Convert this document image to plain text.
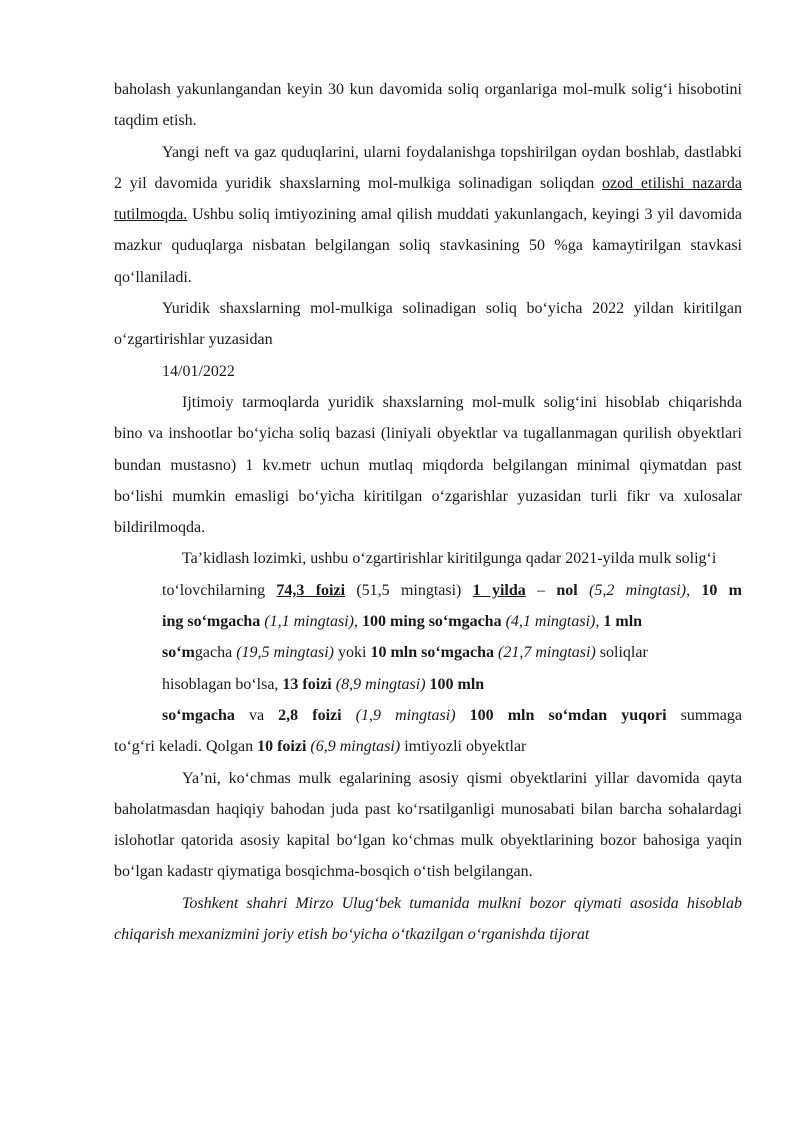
baholash yakunlangandan keyin 30 kun davomida soliq organlariga mol-mulk solig‘i hisobotini taqdim etish.

Yangi neft va gaz quduqlarini, ularni foydalanishga topshirilgan oydan boshlab, dastlabki 2 yil davomida yuridik shaxslarning mol-mulkiga solinadigan soliqdan ozod etilishi nazarda tutilmoqda. Ushbu soliq imtiyozining amal qilish muddati yakunlangach, keyingi 3 yil davomida mazkur quduqlarga nisbatan belgilangan soliq stavkasining 50 %ga kamaytirilgan stavkasi qo‘llaniladi.

Yuridik shaxslarning mol-mulkiga solinadigan soliq bo‘yicha 2022 yildan kiritilgan o‘zgartirishlar yuzasidan

14/01/2022

Ijtimoiy tarmoqlarda yuridik shaxslarning mol-mulk solig‘ini hisoblab chiqarishda bino va inshootlar bo‘yicha soliq bazasi (liniyali obyektlar va tugallanmagan qurilish obyektlari bundan mustasno) 1 kv.metr uchun mutlaq miqdorda belgilangan minimal qiymatdan past bo‘lishi mumkin emasligi bo‘yicha kiritilgan o‘zgarishlar yuzasidan turli fikr va xulosalar bildirilmoqda.

Ta’kidlash lozimki, ushbu o‘zgartirishlar kiritilgunga qadar 2021-yilda mulk solig‘i

to‘lovchilarning 74,3 foizi (51,5 mingtasi) 1 yilda – nol (5,2 mingtasi), 10 m
ing so‘mgacha (1,1 mingtasi), 100 ming so‘mgacha (4,1 mingtasi), 1 mln
so‘mgacha (19,5 mingtasi) yoki 10 mln so‘mgacha (21,7 mingtasi) soliqlar
hisoblagan bo‘lsa, 13 foizi (8,9 mingtasi) 100 mln
so‘mgacha va 2,8 foizi (1,9 mingtasi) 100 mln so‘mdan yuqori summaga
to‘g‘ri keladi. Qolgan 10 foizi (6,9 mingtasi) imtiyozli obyektlar

Ya’ni, ko‘chmas mulk egalarining asosiy qismi obyektlarini yillar davomida qayta baholatmasdan haqiqiy bahodan juda past ko‘rsatilganligi munosabati bilan barcha sohalardagi islohotlar qatorida asosiy kapital bo‘lgan ko‘chmas mulk obyektlarining bozor bahosiga yaqin bo‘lgan kadastr qiymatiga bosqichma-bosqich o‘tish belgilangan.

Toshkent shahri Mirzo Ulug‘bek tumanida mulkni bozor qiymati asosida hisoblab chiqarish mexanizmini joriy etish bo‘yicha o‘tkazilgan o‘rganishda tijorat
